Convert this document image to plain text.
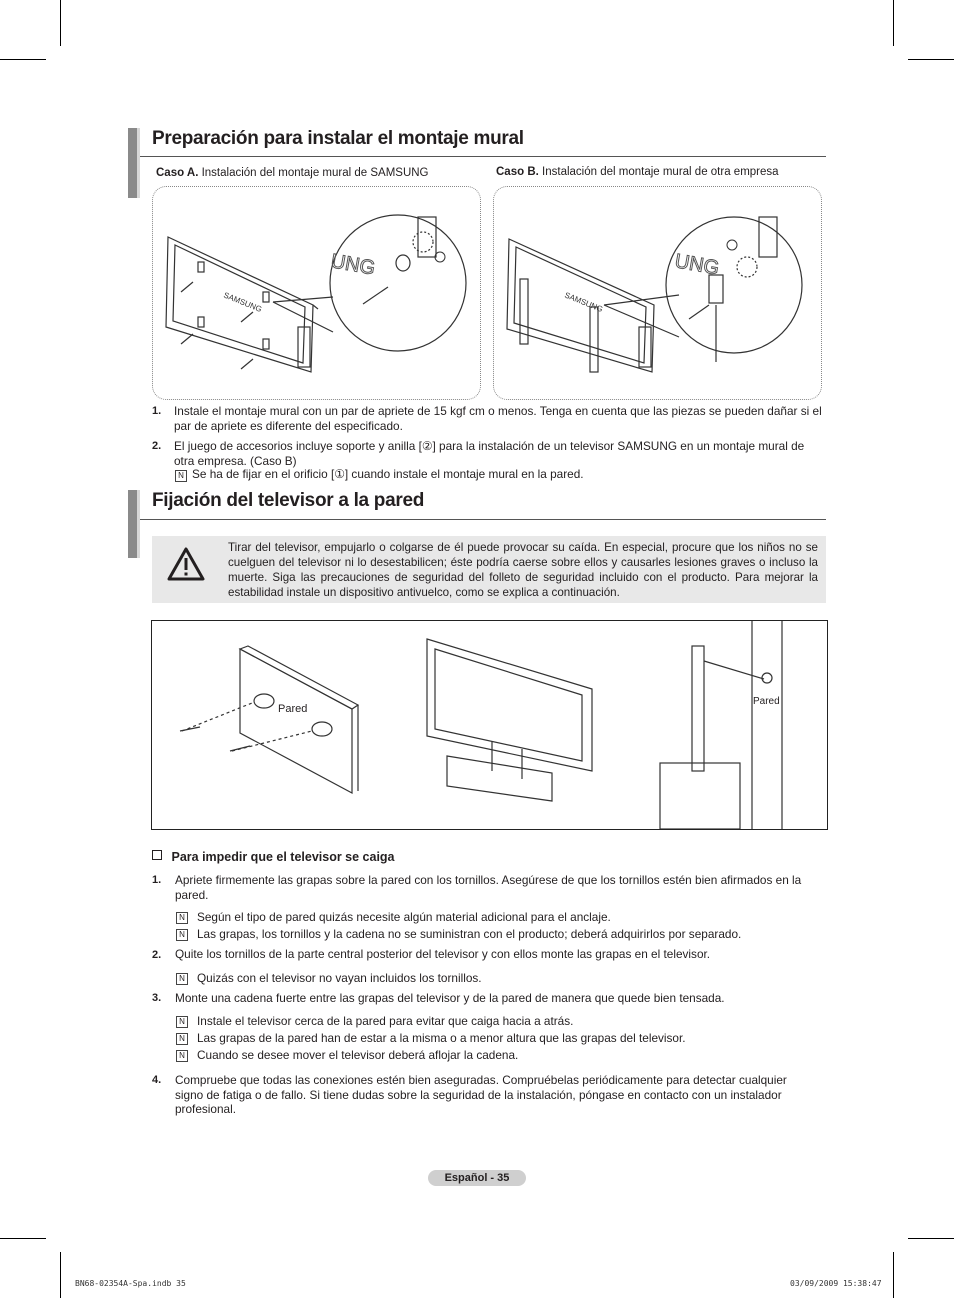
Preparación para instalar el montaje mural
Caso A. Instalación del montaje mural de SAMSUNG	Caso B. Instalación del montaje mural de otra empresa
SAMSUNG
UNG
SAMSUNG
UNG
1. Instale el montaje mural con un par de apriete de 15 kgf cm o menos. Tenga en cuenta que las piezas se pueden dañar si el par de apriete es diferente del especificado.
2. El juego de accesorios incluye soporte y anilla [②] para la instalación de un televisor SAMSUNG en un montaje mural de otra empresa. (Caso B)
N Se ha de fijar en el orificio [①] cuando instale el montaje mural en la pared.
Fijación del televisor a la pared
Tirar del televisor, empujarlo o colgarse de él puede provocar su caída. En especial, procure que los niños no se cuelguen del televisor ni lo desestabilicen; éste podría caerse sobre ellos y causarles lesiones graves o incluso la muerte. Siga las precauciones de seguridad del folleto de seguridad incluido con el producto. Para mejorar la estabilidad instale un dispositivo antivuelco, como se explica a continuación.
Pared
Pared
Para impedir que el televisor se caiga
1. Apriete firmemente las grapas sobre la pared con los tornillos. Asegúrese de que los tornillos estén bien afirmados en la pared.
N Según el tipo de pared quizás necesite algún material adicional para el anclaje.
N Las grapas, los tornillos y la cadena no se suministran con el producto; deberá adquirirlos por separado.
2. Quite los tornillos de la parte central posterior del televisor y con ellos monte las grapas en el televisor.
N Quizás con el televisor no vayan incluidos los tornillos.
3. Monte una cadena fuerte entre las grapas del televisor y de la pared de manera que quede bien tensada.
N Instale el televisor cerca de la pared para evitar que caiga hacia a atrás.
N Las grapas de la pared han de estar a la misma o a menor altura que las grapas del televisor.
N Cuando se desee mover el televisor deberá aflojar la cadena.
4. Compruebe que todas las conexiones estén bien aseguradas. Compruébelas periódicamente para detectar cualquier signo de fatiga o de fallo. Si tiene dudas sobre la seguridad de la instalación, póngase en contacto con un instalador profesional.
Español - 35
BN68-02354A-Spa.indb 35	03/09/2009 15:38:47
